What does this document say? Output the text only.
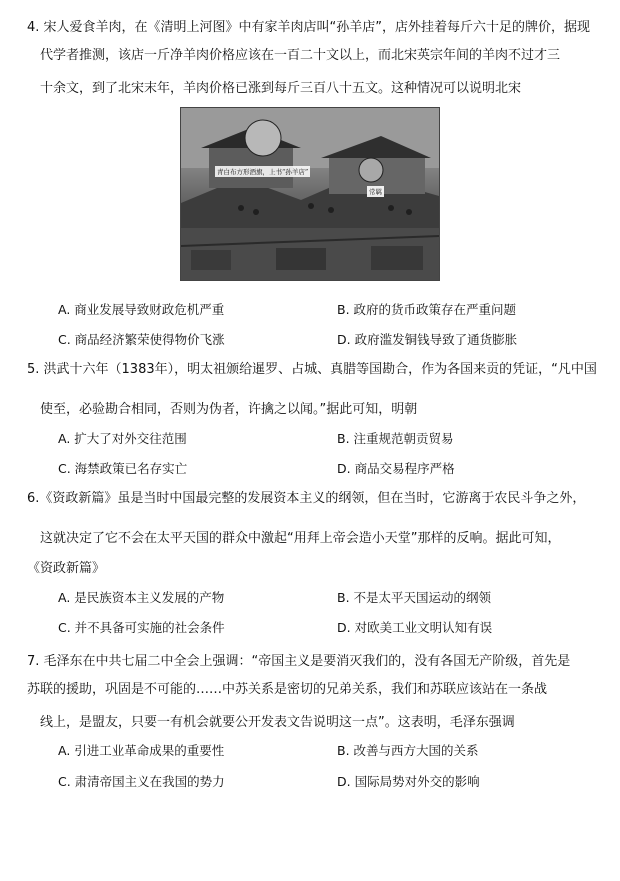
4. 宋人爱食羊肉，在《清明上河图》中有家羊肉店叫“孙羊店”，店外挂着每斤六十足的牌价，据现
代学者推测，该店一斤净羊肉价格应该在一百二十文以上，而北宋英宗年间的羊肉不过才三
十余文，到了北宋末年，羊肉价格已涨到每斤三百八十五文。这种情况可以说明北宋
青白布方形酒旗，上书“孙羊店”
常羁
A. 商业发展导致财政危机严重	B. 政府的货币政策存在严重问题
C. 商品经济繁荣使得物价飞涨	D. 政府滥发铜钱导致了通货膨胀
5. 洪武十六年（1383年），明太祖颁给暹罗、占城、真腊等国勘合，作为各国来贡的凭证，“凡中国
使至，必验勘合相同，否则为伪者，许擒之以闻。”据此可知，明朝
A. 扩大了对外交往范围	B. 注重规范朝贡贸易
C. 海禁政策已名存实亡	D. 商品交易程序严格
6.《资政新篇》虽是当时中国最完整的发展资本主义的纲领，但在当时，它游离于农民斗争之外，
这就决定了它不会在太平天国的群众中激起“用拜上帝会造小天堂”那样的反响。据此可知，
《资政新篇》
A. 是民族资本主义发展的产物	B. 不是太平天国运动的纲领
C. 并不具备可实施的社会条件	D. 对欧美工业文明认知有误
7. 毛泽东在中共七届二中全会上强调：“帝国主义是要消灭我们的，没有各国无产阶级，首先是
苏联的援助，巩固是不可能的……中苏关系是密切的兄弟关系，我们和苏联应该站在一条战
线上，是盟友，只要一有机会就要公开发表文告说明这一点”。这表明，毛泽东强调
A. 引进工业革命成果的重要性	B. 改善与西方大国的关系
C. 肃清帝国主义在我国的势力	D. 国际局势对外交的影响
